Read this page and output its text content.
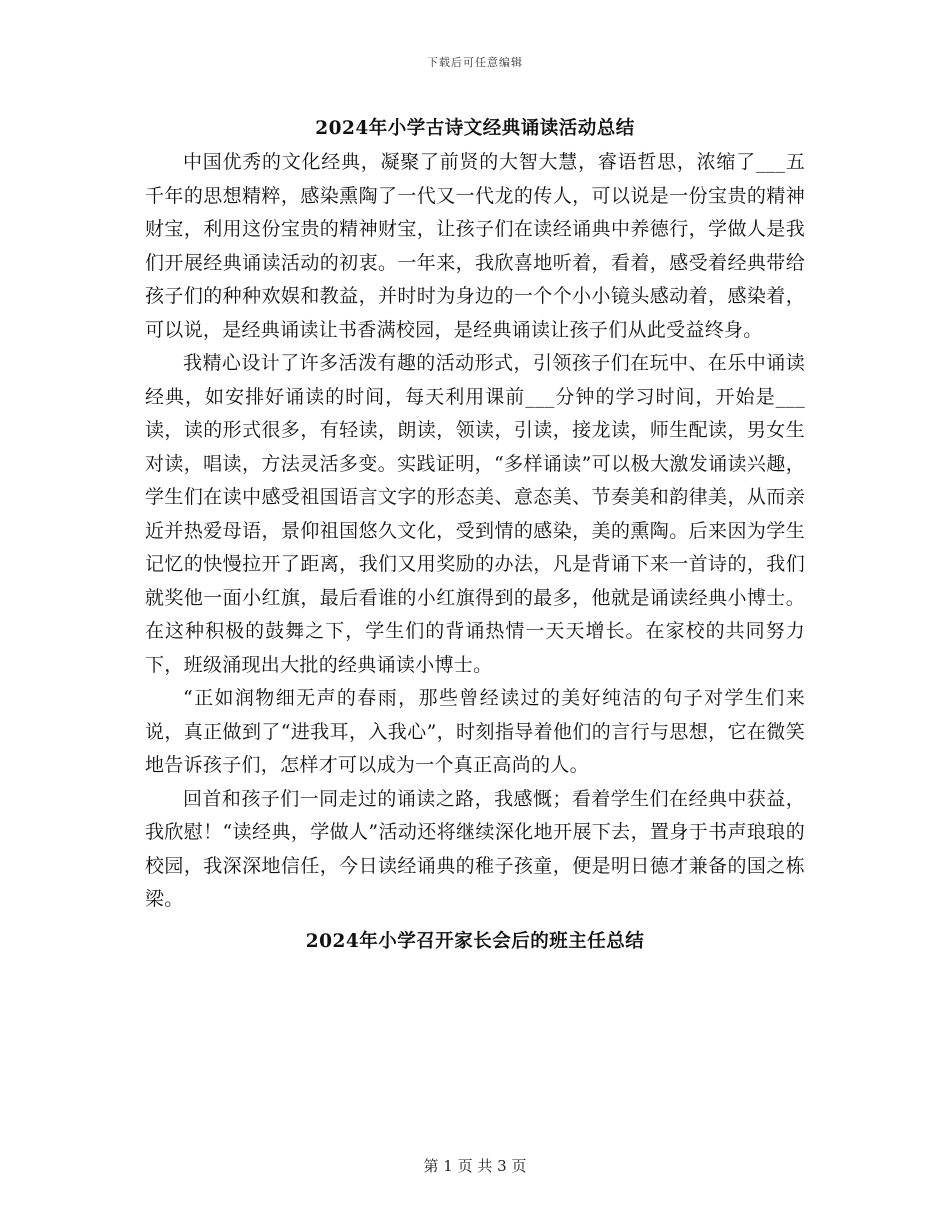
下载后可任意编辑
2024年小学古诗文经典诵读活动总结

中国优秀的文化经典，凝聚了前贤的大智大慧，睿语哲思，浓缩了___五千年的思想精粹，感染熏陶了一代又一代龙的传人，可以说是一份宝贵的精神财宝，利用这份宝贵的精神财宝，让孩子们在读经诵典中养德行，学做人是我们开展经典诵读活动的初衷。一年来，我欣喜地听着，看着，感受着经典带给孩子们的种种欢娱和教益，并时时为身边的一个个小小镜头感动着，感染着，可以说，是经典诵读让书香满校园，是经典诵读让孩子们从此受益终身。

我精心设计了许多活泼有趣的活动形式，引领孩子们在玩中、在乐中诵读经典，如安排好诵读的时间，每天利用课前___分钟的学习时间，开始是___读，读的形式很多，有轻读，朗读，领读，引读，接龙读，师生配读，男女生对读，唱读，方法灵活多变。实践证明，“多样诵读”可以极大激发诵读兴趣，学生们在读中感受祖国语言文字的形态美、意态美、节奏美和韵律美，从而亲近并热爱母语，景仰祖国悠久文化，受到情的感染，美的熏陶。后来因为学生记忆的快慢拉开了距离，我们又用奖励的办法，凡是背诵下来一首诗的，我们就奖他一面小红旗，最后看谁的小红旗得到的最多，他就是诵读经典小博士。在这种积极的鼓舞之下，学生们的背诵热情一天天增长。在家校的共同努力下，班级涌现出大批的经典诵读小博士。

“正如润物细无声的春雨，那些曾经读过的美好纯洁的句子对学生们来说，真正做到了“进我耳，入我心”，时刻指导着他们的言行与思想，它在微笑地告诉孩子们，怎样才可以成为一个真正高尚的人。

回首和孩子们一同走过的诵读之路，我感慨；看着学生们在经典中获益，我欣慰！“读经典，学做人”活动还将继续深化地开展下去，置身于书声琅琅的校园，我深深地信任，今日读经诵典的稚子孩童，便是明日德才兼备的国之栋梁。

2024年小学召开家长会后的班主任总结
第 1 页 共 3 页
